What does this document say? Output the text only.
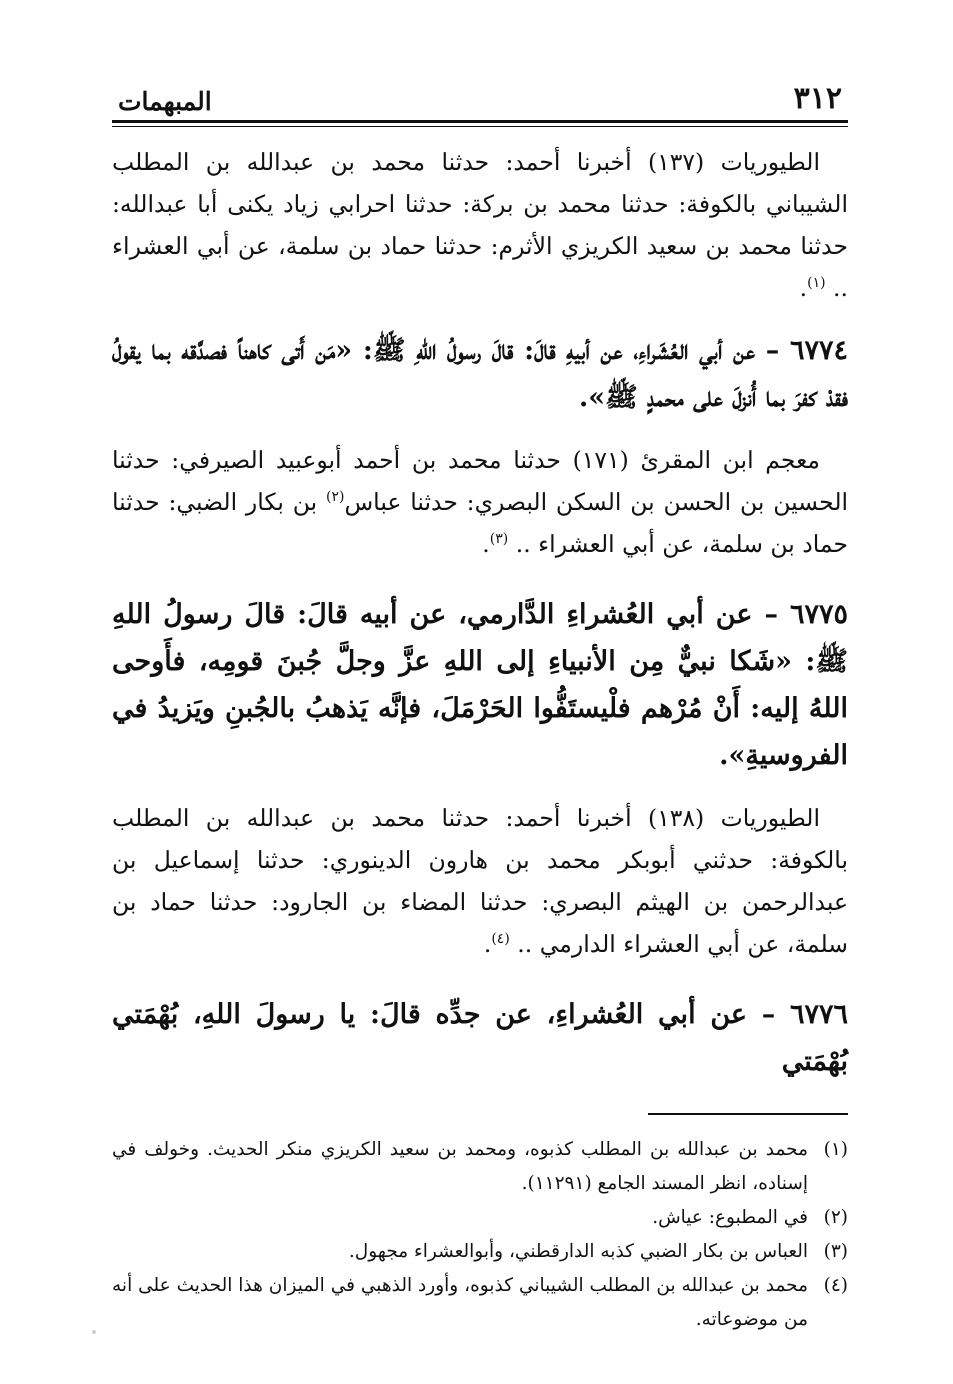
٣١٢
المبهمات

الطيوريات (١٣٧) أخبرنا أحمد: حدثنا محمد بن عبدالله بن المطلب الشيباني بالكوفة: حدثنا محمد بن بركة: حدثنا احرابي زياد يكنى أبا عبدالله: حدثنا محمد بن سعيد الكريزي الأثرم: حدثنا حماد بن سلمة، عن أبي العشراء .. $^{(١)}$.

٦٧٧٤ – عن أبي العُشَراءِ، عن أبيهِ قالَ: قالَ رسولُ اللهِ ﷺ: «مَن أَتى كاهناً فصدَّقه بما يقولُ فقدْ كفرَ بما أُنزلَ على محمدٍ ﷺ».

معجم ابن المقرئ (١٧١) حدثنا محمد بن أحمد أبوعبيد الصيرفي: حدثنا الحسين بن الحسن بن السكن البصري: حدثنا عباس$^{(٢)}$ بن بكار الضبي: حدثنا حماد بن سلمة، عن أبي العشراء .. $^{(٣)}$.

٦٧٧٥ – عن أبي العُشراءِ الدَّارمي، عن أبيه قالَ: قالَ رسولُ اللهِ ﷺ: «شَكا نبيٌّ مِن الأنبياءِ إلى اللهِ عزَّ وجلَّ جُبنَ قومِه، فأَوحى اللهُ إليه: أَنْ مُرْهم فلْيستَفُّوا الحَرْمَلَ، فإنَّه يَذهبُ بالجُبنِ ويَزيدُ في الفروسيةِ».

الطيوريات (١٣٨) أخبرنا أحمد: حدثنا محمد بن عبدالله بن المطلب بالكوفة: حدثني أبوبكر محمد بن هارون الدينوري: حدثنا إسماعيل بن عبدالرحمن بن الهيثم البصري: حدثنا المضاء بن الجارود: حدثنا حماد بن سلمة، عن أبي العشراء الدارمي .. $^{(٤)}$.

٦٧٧٦ – عن أبي العُشراءِ، عن جدِّه قالَ: يا رسولَ اللهِ، بُهْمَتي بُهْمَتي

(١)
محمد بن عبدالله بن المطلب كذبوه، ومحمد بن سعيد الكريزي منكر الحديث. وخولف في إسناده، انظر المسند الجامع (١١٢٩١).
(٢)
في المطبوع: عياش.
(٣)
العباس بن بكار الضبي كذبه الدارقطني، وأبوالعشراء مجهول.
(٤)
محمد بن عبدالله بن المطلب الشيباني كذبوه، وأورد الذهبي في الميزان هذا الحديث على أنه من موضوعاته.
